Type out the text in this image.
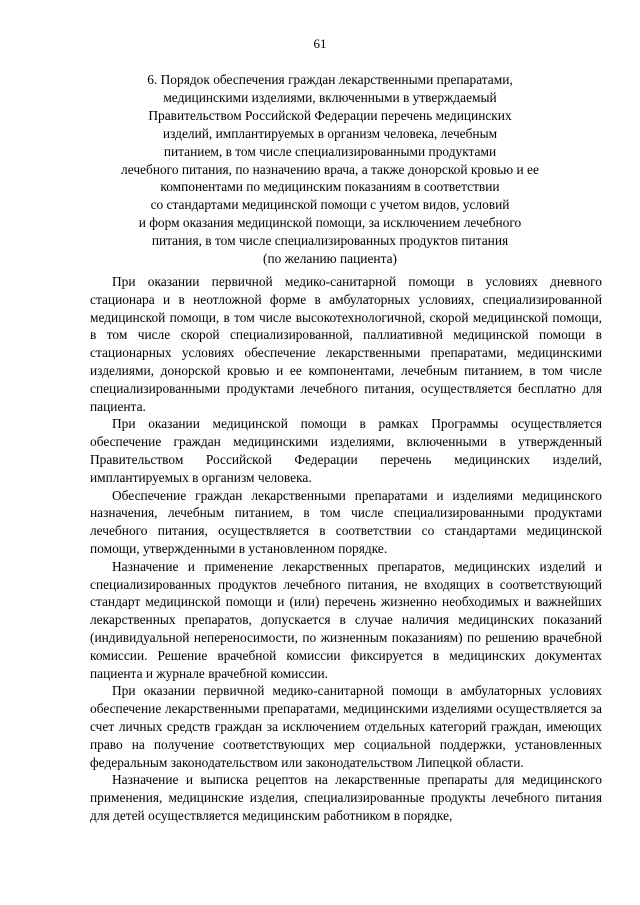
61
6. Порядок обеспечения граждан лекарственными препаратами,
медицинскими изделиями, включенными в утверждаемый
Правительством Российской Федерации перечень медицинских
изделий, имплантируемых в организм человека, лечебным
питанием, в том числе специализированными продуктами
лечебного питания, по назначению врача, а также донорской кровью и ее
компонентами по медицинским показаниям в соответствии
со стандартами медицинской помощи с учетом видов, условий
и форм оказания медицинской помощи, за исключением лечебного
питания, в том числе специализированных продуктов питания
(по желанию пациента)

При оказании первичной медико-санитарной помощи в условиях дневного стационара и в неотложной форме в амбулаторных условиях, специализированной медицинской помощи, в том числе высокотехнологичной, скорой медицинской помощи, в том числе скорой специализированной, паллиативной медицинской помощи в стационарных условиях обеспечение лекарственными препаратами, медицинскими изделиями, донорской кровью и ее компонентами, лечебным питанием, в том числе специализированными продуктами лечебного питания, осуществляется бесплатно для пациента.

При оказании медицинской помощи в рамках Программы осуществляется обеспечение граждан медицинскими изделиями, включенными в утвержденный Правительством Российской Федерации перечень медицинских изделий, имплантируемых в организм человека.

Обеспечение граждан лекарственными препаратами и изделиями медицинского назначения, лечебным питанием, в том числе специализированными продуктами лечебного питания, осуществляется в соответствии со стандартами медицинской помощи, утвержденными в установленном порядке.

Назначение и применение лекарственных препаратов, медицинских изделий и специализированных продуктов лечебного питания, не входящих в соответствующий стандарт медицинской помощи и (или) перечень жизненно необходимых и важнейших лекарственных препаратов, допускается в случае наличия медицинских показаний (индивидуальной непереносимости, по жизненным показаниям) по решению врачебной комиссии. Решение врачебной комиссии фиксируется в медицинских документах пациента и журнале врачебной комиссии.

При оказании первичной медико-санитарной помощи в амбулаторных условиях обеспечение лекарственными препаратами, медицинскими изделиями осуществляется за счет личных средств граждан за исключением отдельных категорий граждан, имеющих право на получение соответствующих мер социальной поддержки, установленных федеральным законодательством или законодательством Липецкой области.

Назначение и выписка рецептов на лекарственные препараты для медицинского применения, медицинские изделия, специализированные продукты лечебного питания для детей осуществляется медицинским работником в порядке,
